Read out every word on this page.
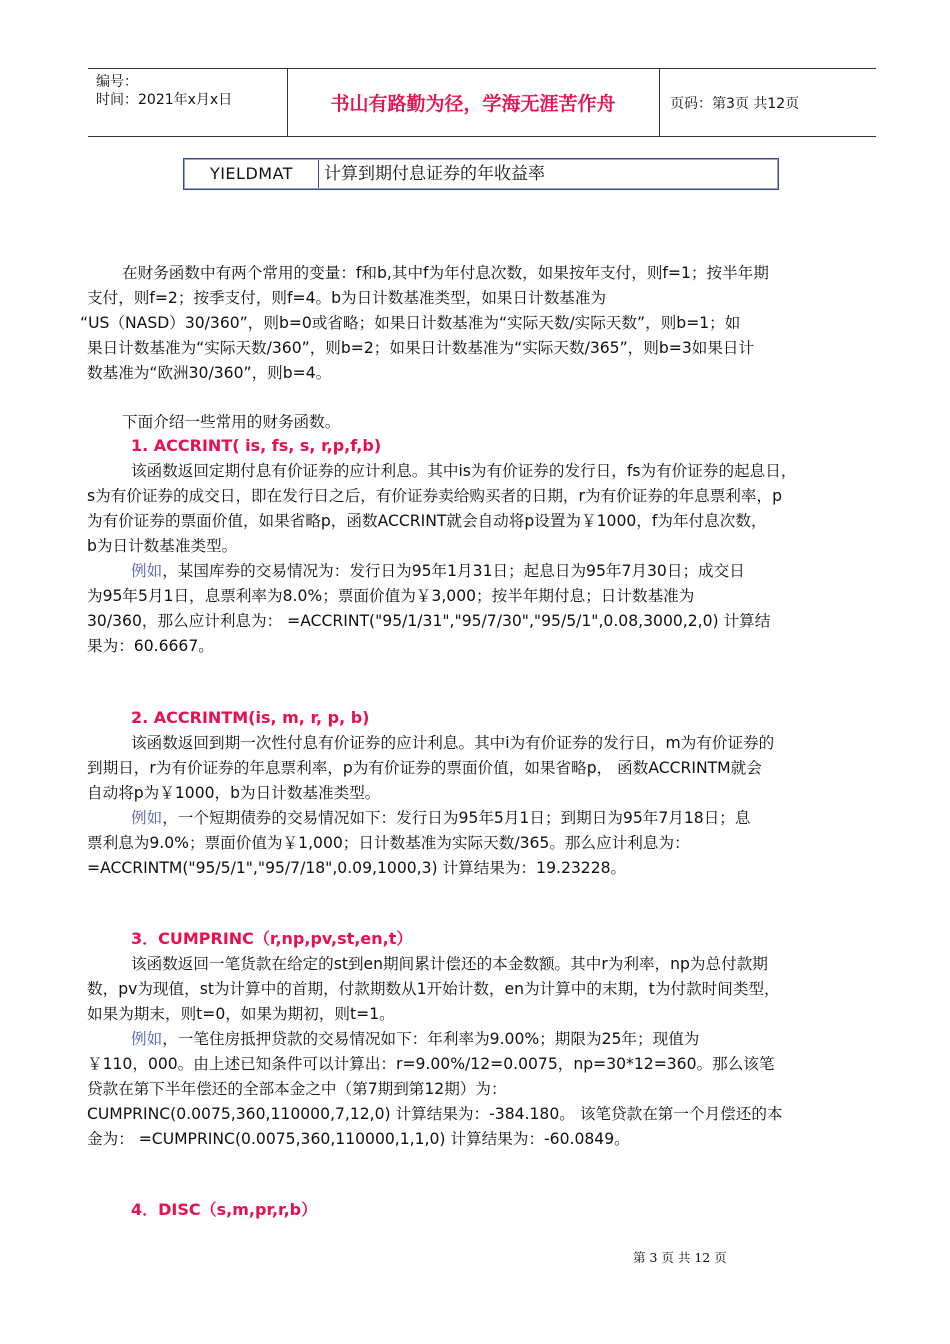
编号：
时间：2021年x月x日	书山有路勤为径，学海无涯苦作舟	页码：第3页 共12页
YIELDMAT	计算到期付息证券的年收益率
在财务函数中有两个常用的变量：f和b,其中f为年付息次数，如果按年支付，则f=1；按半年期
支付，则f=2；按季支付，则f=4。b为日计数基准类型，如果日计数基准为
“US（NASD）30/360”，则b=0或省略；如果日计数基准为“实际天数/实际天数”，则b=1；如
果日计数基准为“实际天数/360”，则b=2；如果日计数基准为“实际天数/365”，则b=3如果日计
数基准为“欧洲30/360”，则b=4。
下面介绍一些常用的财务函数。
1. ACCRINT( is, fs, s, r,p,f,b)
该函数返回定期付息有价证券的应计利息。其中is为有价证券的发行日，fs为有价证券的起息日，
s为有价证券的成交日，即在发行日之后，有价证券卖给购买者的日期，r为有价证券的年息票利率，p
为有价证券的票面价值，如果省略p，函数ACCRINT就会自动将p设置为￥1000，f为年付息次数，
b为日计数基准类型。
例如，某国库券的交易情况为：发行日为95年1月31日；起息日为95年7月30日；成交日
为95年5月1日，息票利率为8.0%；票面价值为￥3,000；按半年期付息；日计数基准为
30/360，那么应计利息为： =ACCRINT("95/1/31","95/7/30","95/5/1",0.08,3000,2,0) 计算结
果为：60.6667。
2. ACCRINTM(is, m, r, p, b)
该函数返回到期一次性付息有价证券的应计利息。其中i为有价证券的发行日，m为有价证券的
到期日，r为有价证券的年息票利率，p为有价证券的票面价值，如果省略p， 函数ACCRINTM就会
自动将p为￥1000，b为日计数基准类型。
例如，一个短期债券的交易情况如下：发行日为95年5月1日；到期日为95年7月18日；息
票利息为9.0%；票面价值为￥1,000；日计数基准为实际天数/365。那么应计利息为：
=ACCRINTM("95/5/1","95/7/18",0.09,1000,3) 计算结果为：19.23228。
3．CUMPRINC（r,np,pv,st,en,t）
该函数返回一笔货款在给定的st到en期间累计偿还的本金数额。其中r为利率，np为总付款期
数，pv为现值，st为计算中的首期，付款期数从1开始计数，en为计算中的末期，t为付款时间类型，
如果为期末，则t=0，如果为期初，则t=1。
例如，一笔住房抵押贷款的交易情况如下：年利率为9.00%；期限为25年；现值为
￥110，000。由上述已知条件可以计算出：r=9.00%/12=0.0075，np=30*12=360。那么该笔
贷款在第下半年偿还的全部本金之中（第7期到第12期）为：
CUMPRINC(0.0075,360,110000,7,12,0) 计算结果为：-384.180。 该笔贷款在第一个月偿还的本
金为： =CUMPRINC(0.0075,360,110000,1,1,0) 计算结果为：-60.0849。
4．DISC（s,m,pr,r,b）
第 3 页 共 12 页
